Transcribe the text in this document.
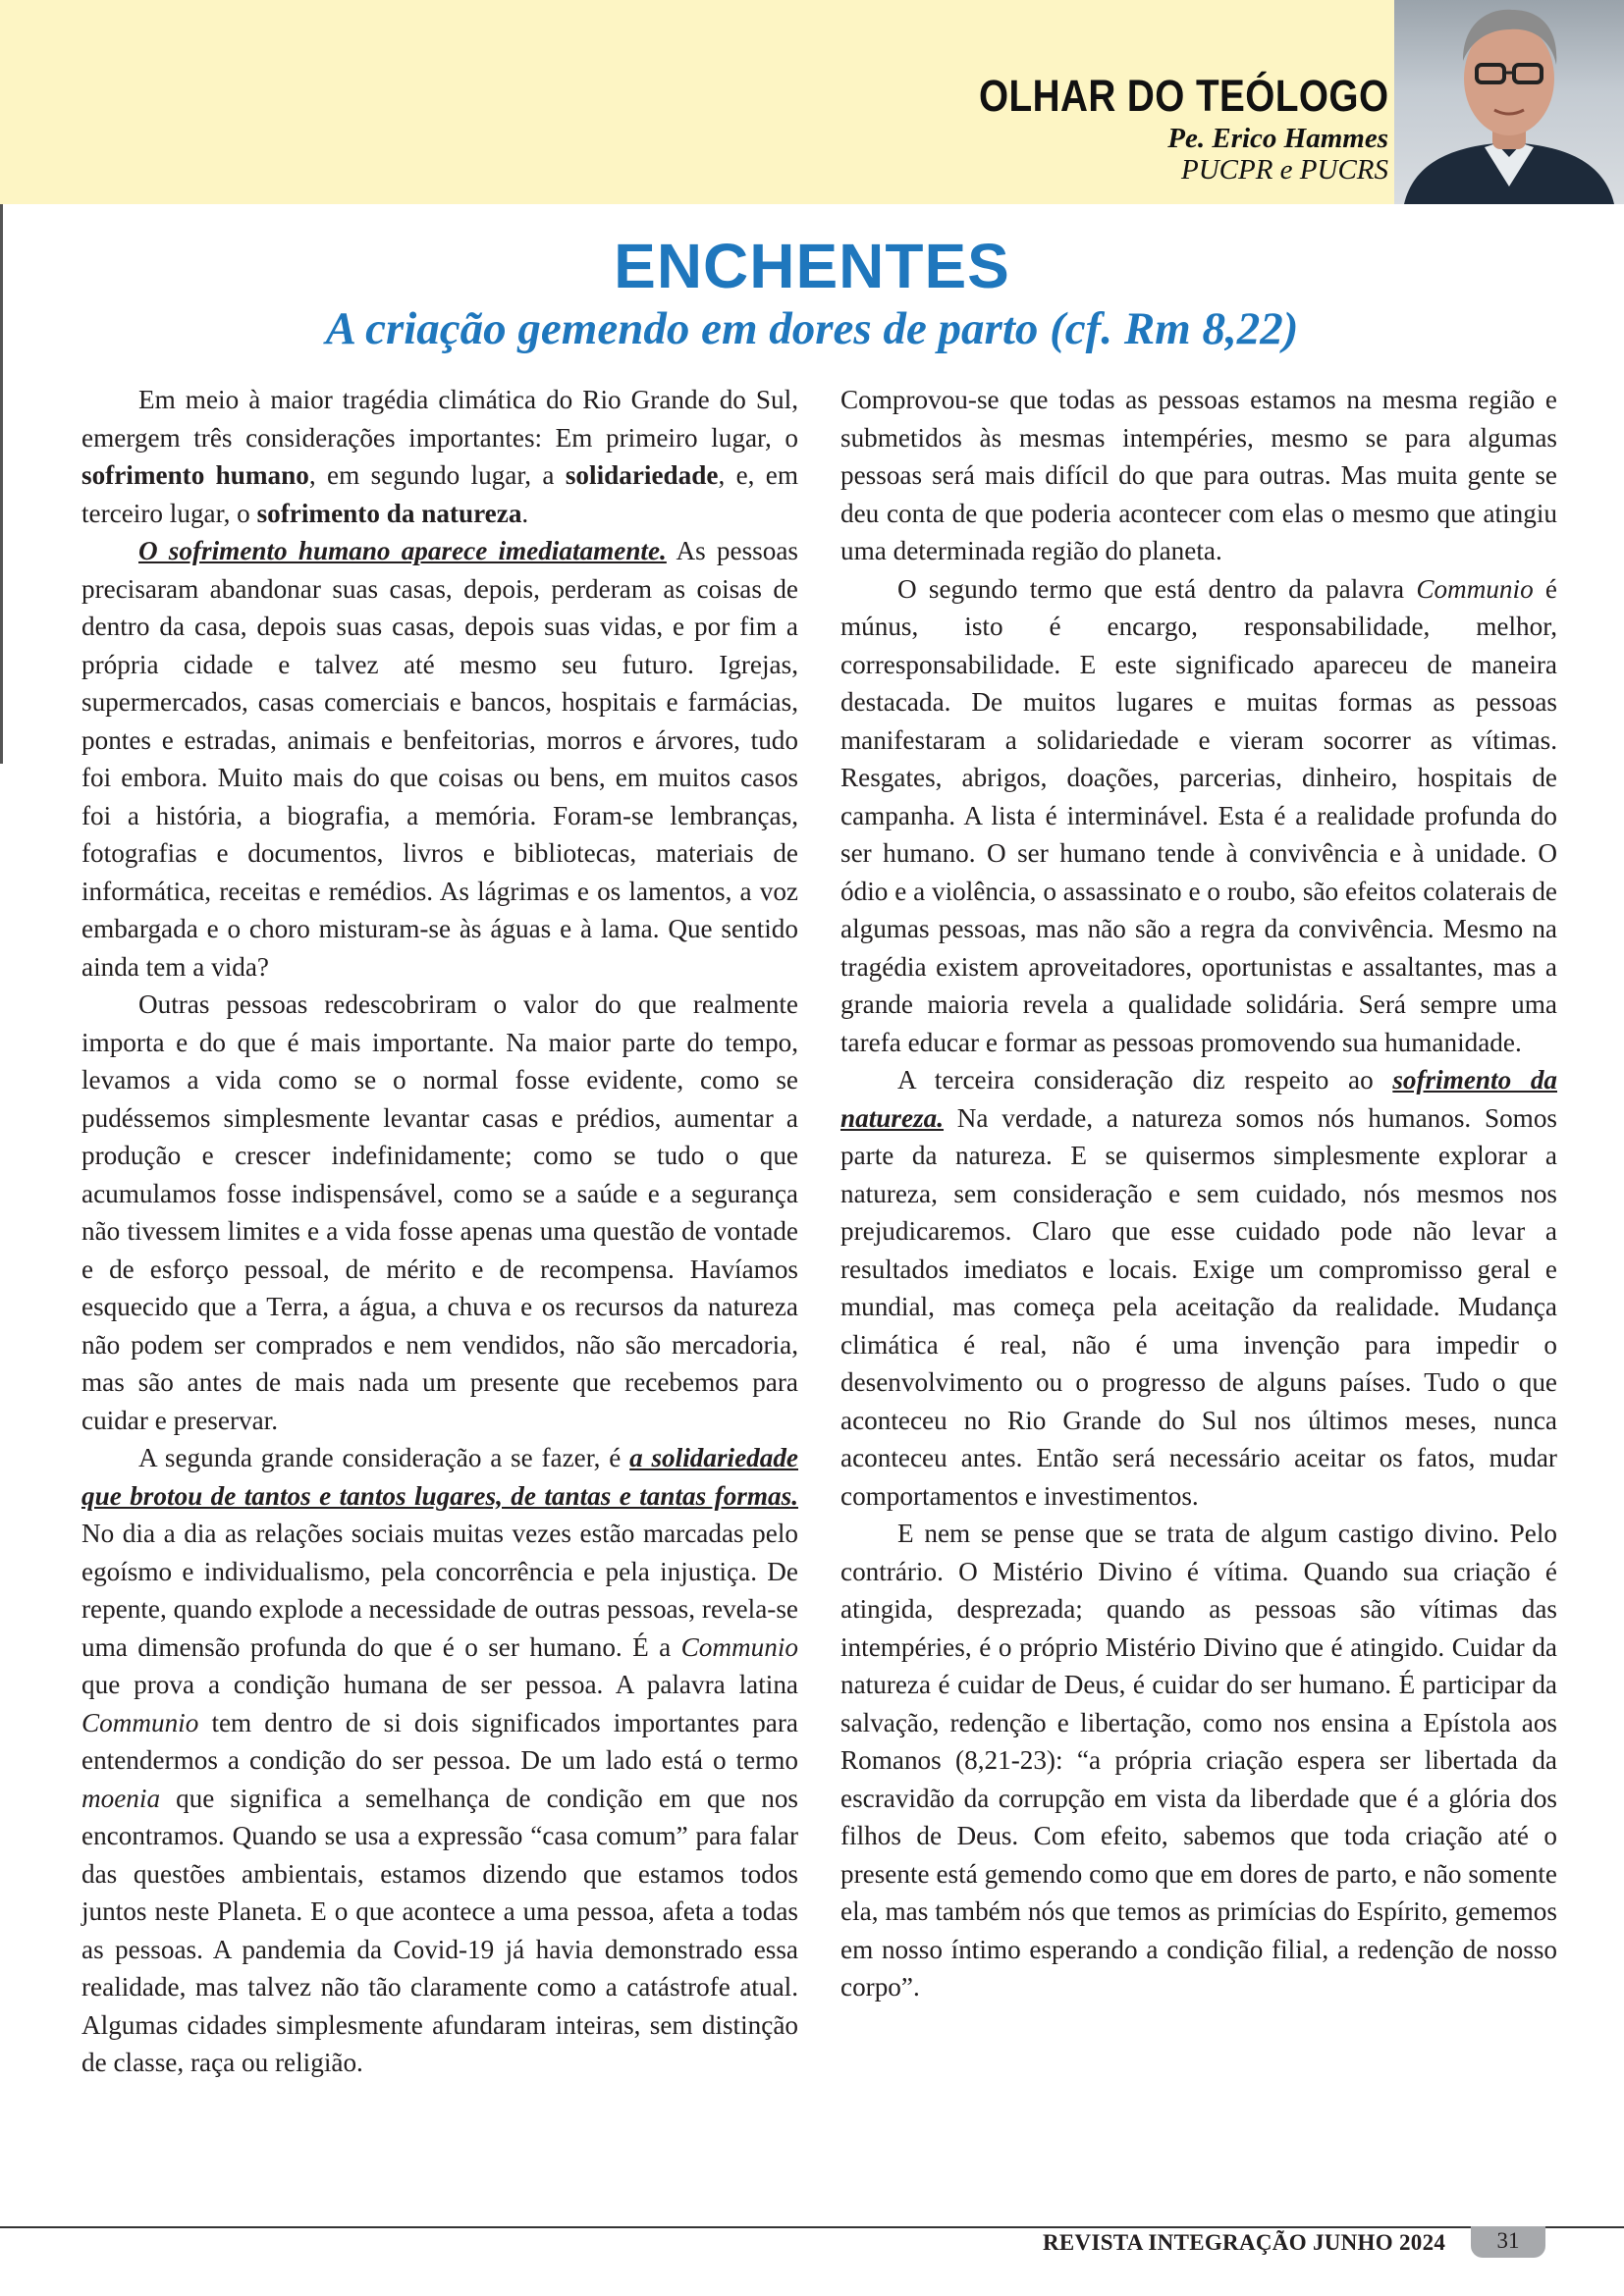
OLHAR DO TEÓLOGO

Pe. Erico Hammes

PUCPR e PUCRS

ENCHENTES
A criação gemendo em dores de parto (cf. Rm 8,22)

Em meio à maior tragédia climática do Rio Grande do Sul, emergem três considerações importantes: Em primeiro lugar, o sofrimento humano, em segundo lugar, a solidariedade, e, em terceiro lugar, o sofrimento da natureza.

O sofrimento humano aparece imediatamente. As pessoas precisaram abandonar suas casas, depois, perderam as coisas de dentro da casa, depois suas casas, depois suas vidas, e por fim a própria cidade e talvez até mesmo seu futuro. Igrejas, supermercados, casas comerciais e bancos, hospitais e farmácias, pontes e estradas, animais e benfeitorias, morros e árvores, tudo foi embora. Muito mais do que coisas ou bens, em muitos casos foi a história, a biografia, a memória. Foram-se lembranças, fotografias e documentos, livros e bibliotecas, materiais de informática, receitas e remédios. As lágrimas e os lamentos, a voz embargada e o choro misturam-se às águas e à lama. Que sentido ainda tem a vida?

Outras pessoas redescobriram o valor do que realmente importa e do que é mais importante. Na maior parte do tempo, levamos a vida como se o normal fosse evidente, como se pudéssemos simplesmente levantar casas e prédios, aumentar a produção e crescer indefinidamente; como se tudo o que acumulamos fosse indispensável, como se a saúde e a segurança não tivessem limites e a vida fosse apenas uma questão de vontade e de esforço pessoal, de mérito e de recompensa. Havíamos esquecido que a Terra, a água, a chuva e os recursos da natureza não podem ser comprados e nem vendidos, não são mercadoria, mas são antes de mais nada um presente que recebemos para cuidar e preservar.

A segunda grande consideração a se fazer, é a solidariedade que brotou de tantos e tantos lugares, de tantas e tantas formas. No dia a dia as relações sociais muitas vezes estão marcadas pelo egoísmo e individualismo, pela concorrência e pela injustiça. De repente, quando explode a necessidade de outras pessoas, revela-se uma dimensão profunda do que é o ser humano. É a Communio que prova a condição humana de ser pessoa. A palavra latina Communio tem dentro de si dois significados importantes para entendermos a condição do ser pessoa. De um lado está o termo moenia que significa a semelhança de condição em que nos encontramos. Quando se usa a expressão “casa comum” para falar das questões ambientais, estamos dizendo que estamos todos juntos neste Planeta. E o que acontece a uma pessoa, afeta a todas as pessoas. A pandemia da Covid-19 já havia demonstrado essa realidade, mas talvez não tão claramente como a catástrofe atual. Algumas cidades simplesmente afundaram inteiras, sem distinção de classe, raça ou religião.

Comprovou-se que todas as pessoas estamos na mesma região e submetidos às mesmas intempéries, mesmo se para algumas pessoas será mais difícil do que para outras. Mas muita gente se deu conta de que poderia acontecer com elas o mesmo que atingiu uma determinada região do planeta.

O segundo termo que está dentro da palavra Communio é múnus, isto é encargo, responsabilidade, melhor, corresponsabilidade. E este significado apareceu de maneira destacada. De muitos lugares e muitas formas as pessoas manifestaram a solidariedade e vieram socorrer as vítimas. Resgates, abrigos, doações, parcerias, dinheiro, hospitais de campanha. A lista é interminável. Esta é a realidade profunda do ser humano. O ser humano tende à convivência e à unidade. O ódio e a violência, o assassinato e o roubo, são efeitos colaterais de algumas pessoas, mas não são a regra da convivência. Mesmo na tragédia existem aproveitadores, oportunistas e assaltantes, mas a grande maioria revela a qualidade solidária. Será sempre uma tarefa educar e formar as pessoas promovendo sua humanidade.

A terceira consideração diz respeito ao sofrimento da natureza. Na verdade, a natureza somos nós humanos. Somos parte da natureza. E se quisermos simplesmente explorar a natureza, sem consideração e sem cuidado, nós mesmos nos prejudicaremos. Claro que esse cuidado pode não levar a resultados imediatos e locais. Exige um compromisso geral e mundial, mas começa pela aceitação da realidade. Mudança climática é real, não é uma invenção para impedir o desenvolvimento ou o progresso de alguns países. Tudo o que aconteceu no Rio Grande do Sul nos últimos meses, nunca aconteceu antes. Então será necessário aceitar os fatos, mudar comportamentos e investimentos.

E nem se pense que se trata de algum castigo divino. Pelo contrário. O Mistério Divino é vítima. Quando sua criação é atingida, desprezada; quando as pessoas são vítimas das intempéries, é o próprio Mistério Divino que é atingido. Cuidar da natureza é cuidar de Deus, é cuidar do ser humano. É participar da salvação, redenção e libertação, como nos ensina a Epístola aos Romanos (8,21-23): “a própria criação espera ser libertada da escravidão da corrupção em vista da liberdade que é a glória dos filhos de Deus. Com efeito, sabemos que toda criação até o presente está gemendo como que em dores de parto, e não somente ela, mas também nós que temos as primícias do Espírito, gememos em nosso íntimo esperando a condição filial, a redenção de nosso corpo”.

REVISTA INTEGRAÇÃO JUNHO 2024	31
